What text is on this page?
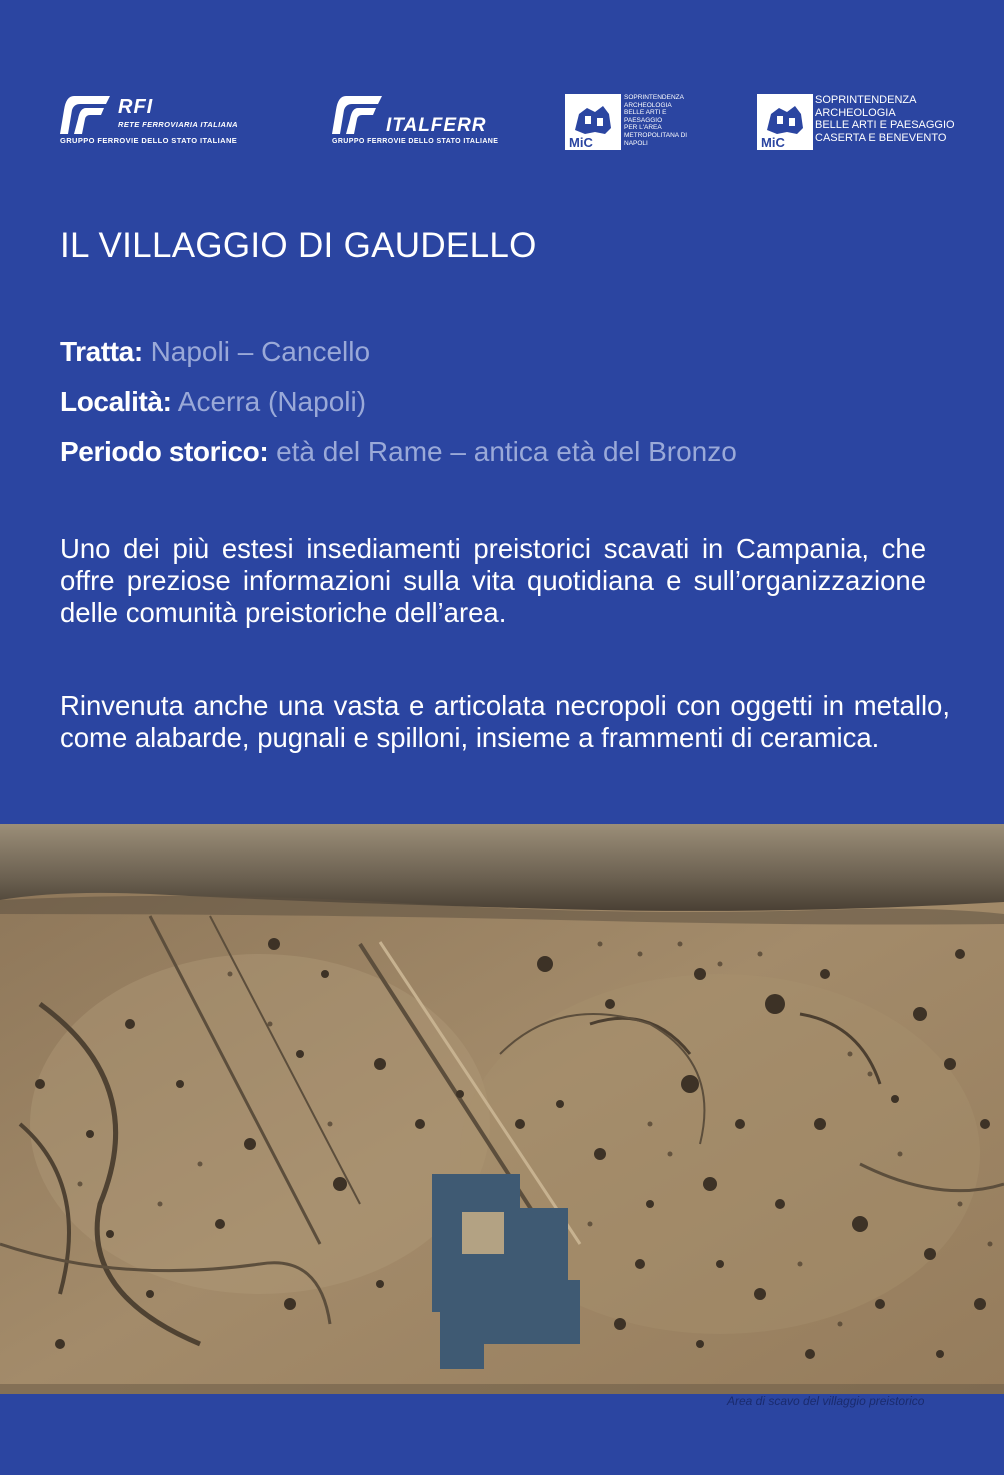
RFI
RETE FERROVIARIA ITALIANA
GRUPPO FERROVIE DELLO STATO ITALIANE
ITALFERR
GRUPPO FERROVIE DELLO STATO ITALIANE	MiC
SOPRINTENDENZA
ARCHEOLOGIA
BELLE ARTI E
PAESAGGIO
PER L'AREA
METROPOLITANA DI
NAPOLI	MiC
SOPRINTENDENZA
ARCHEOLOGIA
BELLE ARTI E PAESAGGIO
CASERTA E BENEVENTO
IL VILLAGGIO DI GAUDELLO
Tratta: Napoli – Cancello
Località: Acerra (Napoli)
Periodo storico: età del Rame – antica età del Bronzo

Uno dei più estesi insediamenti preistorici scavati in Campania, che offre preziose informazioni sulla vita quotidiana e sull’organizzazione delle comunità preistoriche dell’area.

Rinvenuta anche una vasta e articolata necropoli con oggetti in metallo, come alabarde, pugnali e spilloni, insieme a frammenti di ceramica.

Area di scavo del villaggio preistorico
